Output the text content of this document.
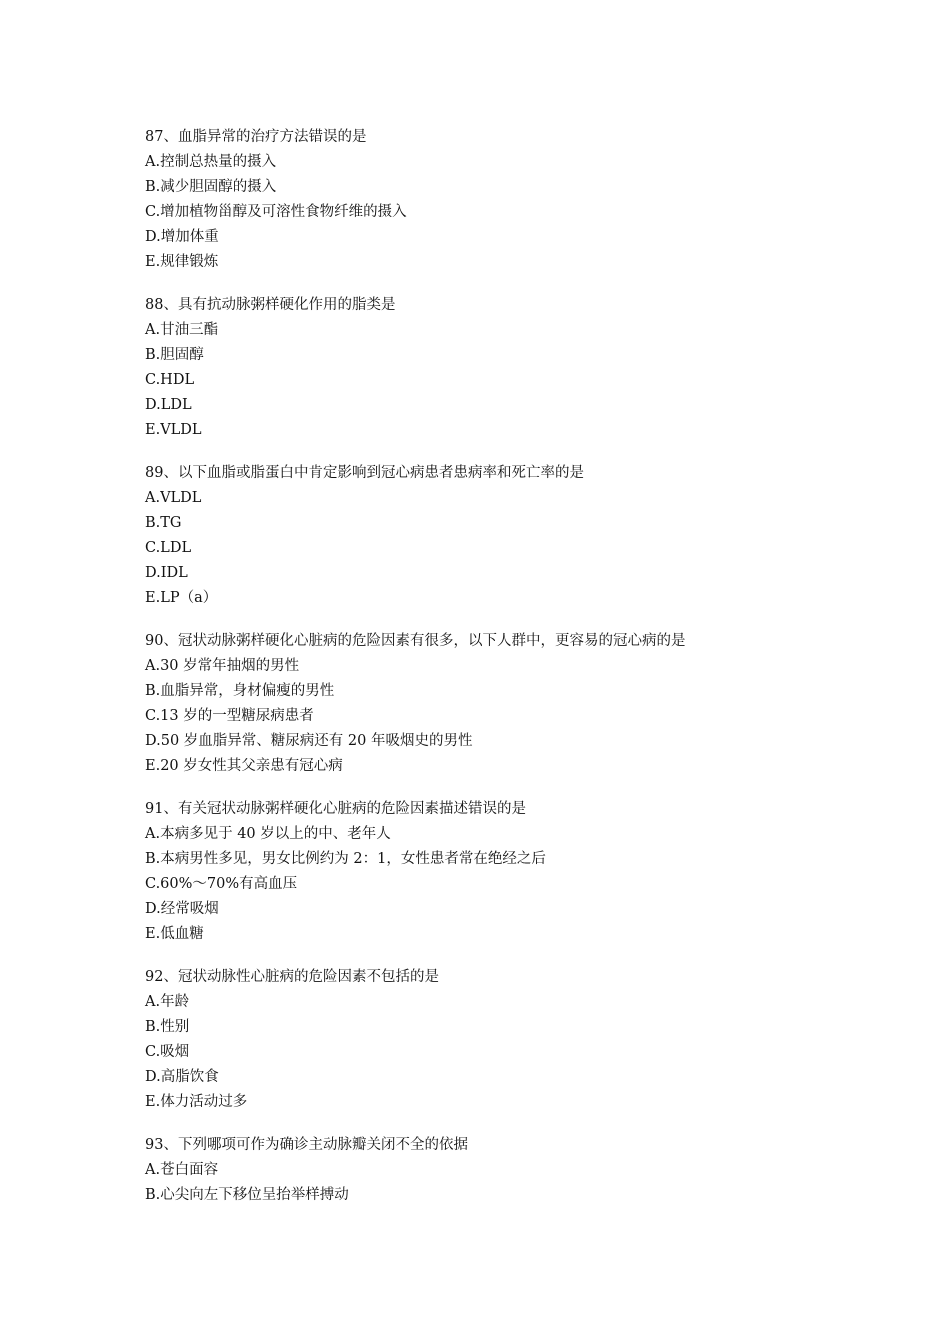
87、血脂异常的治疗方法错误的是
A.控制总热量的摄入
B.减少胆固醇的摄入
C.增加植物甾醇及可溶性食物纤维的摄入
D.增加体重
E.规律锻炼
88、具有抗动脉粥样硬化作用的脂类是
A.甘油三酯
B.胆固醇
C.HDL
D.LDL
E.VLDL
89、以下血脂或脂蛋白中肯定影响到冠心病患者患病率和死亡率的是
A.VLDL
B.TG
C.LDL
D.IDL
E.LP（a）
90、冠状动脉粥样硬化心脏病的危险因素有很多，以下人群中，更容易的冠心病的是
A.30 岁常年抽烟的男性
B.血脂异常，身材偏瘦的男性
C.13 岁的一型糖尿病患者
D.50 岁血脂异常、糖尿病还有 20 年吸烟史的男性
E.20 岁女性其父亲患有冠心病
91、有关冠状动脉粥样硬化心脏病的危险因素描述错误的是
A.本病多见于 40 岁以上的中、老年人
B.本病男性多见，男女比例约为 2：1，女性患者常在绝经之后
C.60%～70%有高血压
D.经常吸烟
E.低血糖
92、冠状动脉性心脏病的危险因素不包括的是
A.年龄
B.性别
C.吸烟
D.高脂饮食
E.体力活动过多
93、下列哪项可作为确诊主动脉瓣关闭不全的依据
A.苍白面容
B.心尖向左下移位呈抬举样搏动
